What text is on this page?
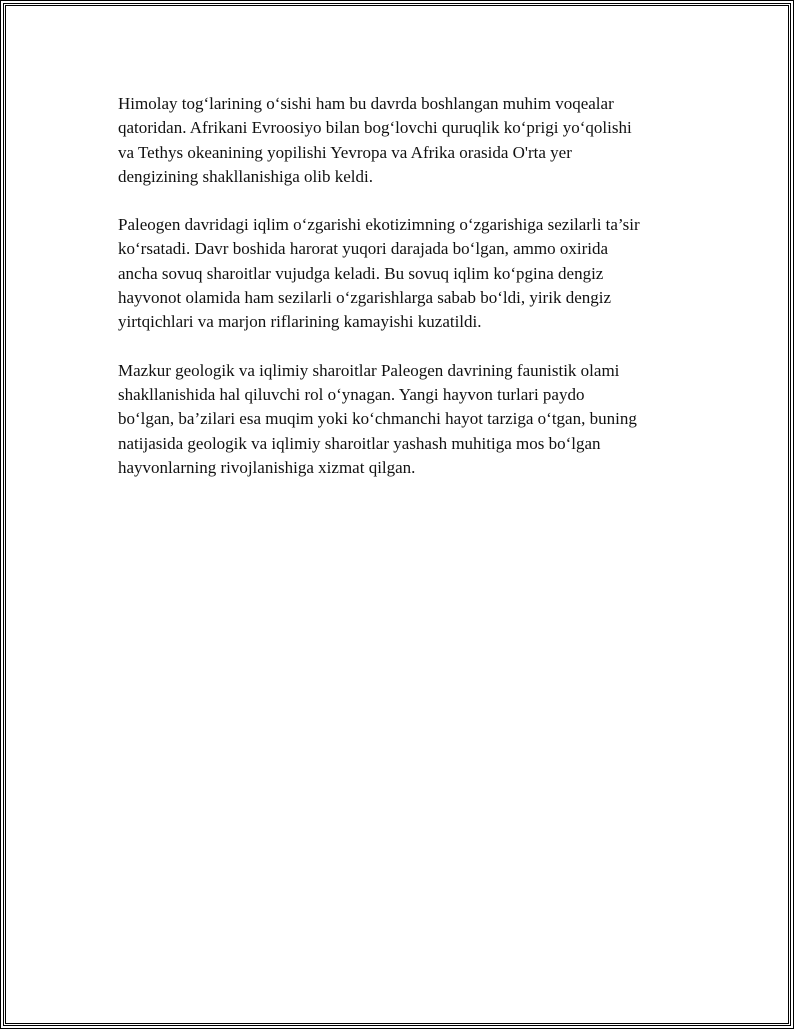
Himolay tog‘larining o‘sishi ham bu davrda boshlangan muhim voqealar
qatoridan. Afrikani Evroosiyo bilan bog‘lovchi quruqlik ko‘prigi yo‘qolishi
va Tethys okeanining yopilishi Yevropa va Afrika orasida O'rta yer
dengizining shakllanishiga olib keldi.

Paleogen davridagi iqlim o‘zgarishi ekotizimning o‘zgarishiga sezilarli ta’sir
ko‘rsatadi. Davr boshida harorat yuqori darajada bo‘lgan, ammo oxirida
ancha sovuq sharoitlar vujudga keladi. Bu sovuq iqlim ko‘pgina dengiz
hayvonot olamida ham sezilarli o‘zgarishlarga sabab bo‘ldi, yirik dengiz
yirtqichlari va marjon riflarining kamayishi kuzatildi.

Mazkur geologik va iqlimiy sharoitlar Paleogen davrining faunistik olami
shakllanishida hal qiluvchi rol o‘ynagan. Yangi hayvon turlari paydo
bo‘lgan, ba’zilari esa muqim yoki ko‘chmanchi hayot tarziga o‘tgan, buning
natijasida geologik va iqlimiy sharoitlar yashash muhitiga mos bo‘lgan
hayvonlarning rivojlanishiga xizmat qilgan.
